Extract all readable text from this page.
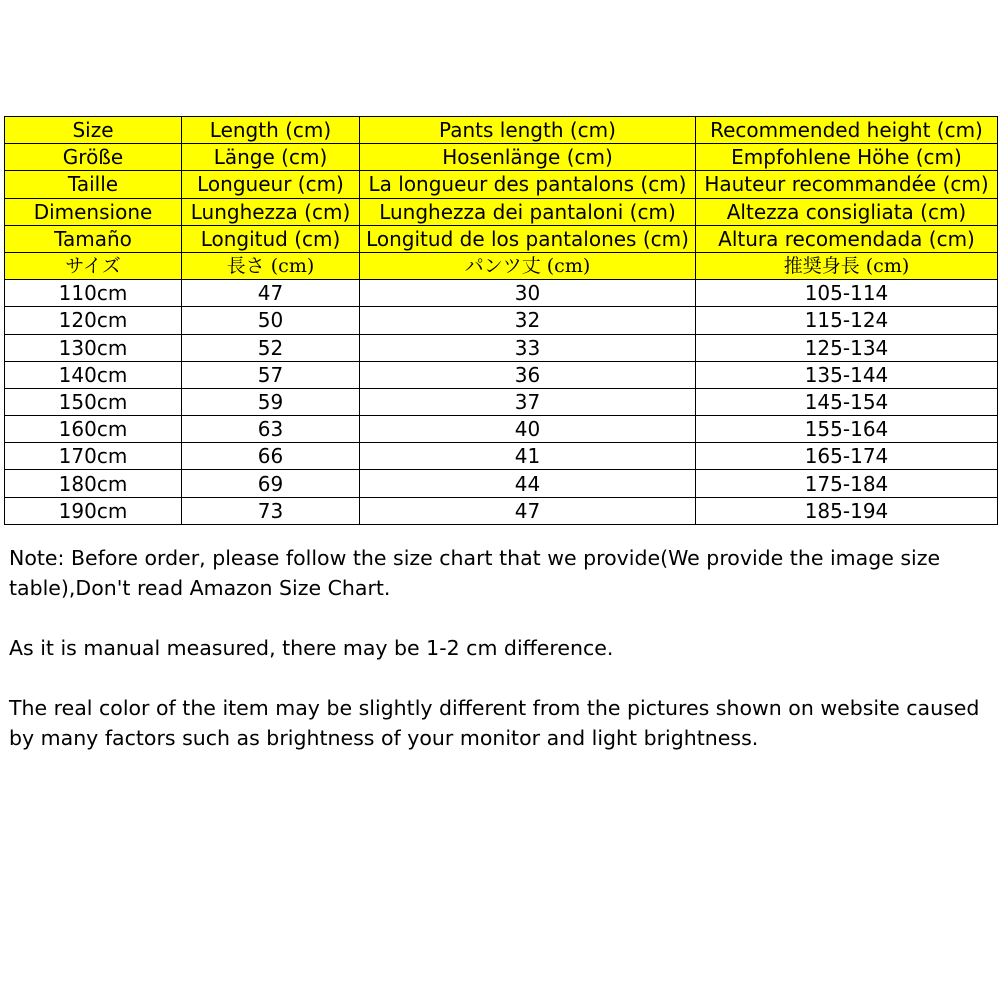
Size	Length (cm)	Pants length (cm)	Recommended height (cm)
Größe	Länge (cm)	Hosenlänge (cm)	Empfohlene Höhe (cm)
Taille	Longueur (cm)	La longueur des pantalons (cm)	Hauteur recommandée (cm)
Dimensione	Lunghezza (cm)	Lunghezza dei pantaloni (cm)	Altezza consigliata (cm)
Tamaño	Longitud (cm)	Longitud de los pantalones (cm)	Altura recomendada (cm)
サイズ	長さ (cm)	パンツ丈 (cm)	推奨身長 (cm)
110cm	47	30	105-114
120cm	50	32	115-124
130cm	52	33	125-134
140cm	57	36	135-144
150cm	59	37	145-154
160cm	63	40	155-164
170cm	66	41	165-174
180cm	69	44	175-184
190cm	73	47	185-194

Note: Before order, please follow the size chart that we provide(We provide the image size table),Don't read Amazon Size Chart.

As it is manual measured, there may be 1-2 cm difference.

The real color of the item may be slightly different from the pictures shown on website caused by many factors such as brightness of your monitor and light brightness.
